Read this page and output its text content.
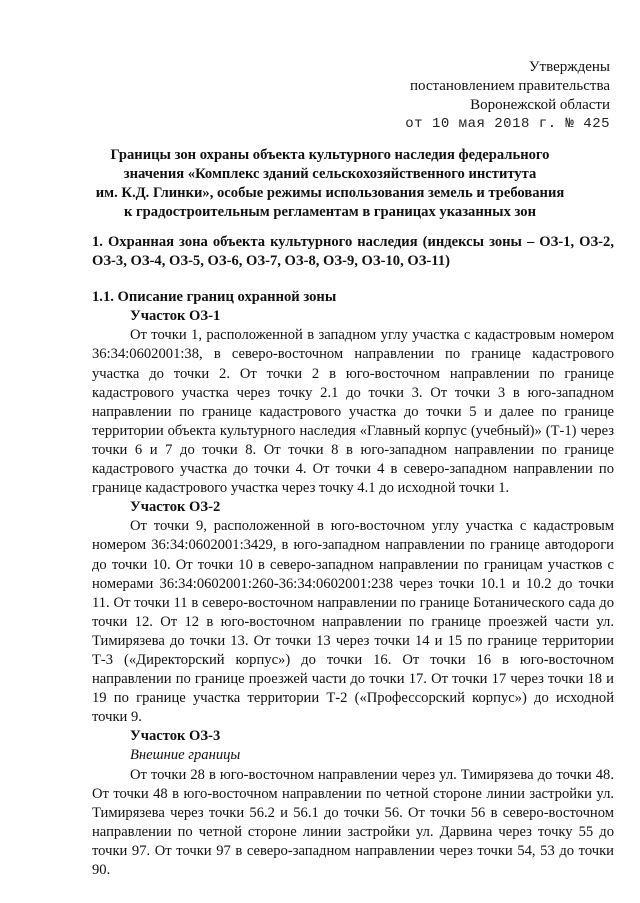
Утверждены
постановлением правительства
Воронежской области
от 10 мая 2018 г. № 425
Границы зон охраны объекта культурного наследия федерального
значения «Комплекс зданий сельскохозяйственного института
им. К.Д. Глинки», особые режимы использования земель и требования
к градостроительным регламентам в границах указанных зон

1. Охранная зона объекта культурного наследия (индексы зоны – ОЗ-1, ОЗ-2, ОЗ-3, ОЗ-4, ОЗ-5, ОЗ-6, ОЗ-7, ОЗ-8, ОЗ-9, ОЗ-10, ОЗ-11)

1.1. Описание границ охранной зоны

Участок ОЗ-1

От точки 1, расположенной в западном углу участка с кадастровым номером 36:34:0602001:38, в северо-восточном направлении по границе кадастрового участка до точки 2. От точки 2 в юго-восточном направлении по границе кадастрового участка через точку 2.1 до точки 3. От точки 3 в юго-западном направлении по границе кадастрового участка до точки 5 и далее по границе территории объекта культурного наследия «Главный корпус (учебный)» (Т-1) через точки 6 и 7 до точки 8. От точки 8 в юго-западном направлении по границе кадастрового участка до точки 4. От точки 4 в северо-западном направлении по границе кадастрового участка через точку 4.1 до исходной точки 1.

Участок ОЗ-2

От точки 9, расположенной в юго-восточном углу участка с кадастровым номером 36:34:0602001:3429, в юго-западном направлении по границе автодороги до точки 10. От точки 10 в северо-западном направлении по границам участков с номерами 36:34:0602001:260-36:34:0602001:238 через точки 10.1 и 10.2 до точки 11. От точки 11 в северо-восточном направлении по границе Ботанического сада до точки 12. От 12 в юго-восточном направлении по границе проезжей части ул. Тимирязева до точки 13. От точки 13 через точки 14 и 15 по границе территории Т-3 («Директорский корпус») до точки 16. От точки 16 в юго-восточном направлении по границе проезжей части до точки 17. От точки 17 через точки 18 и 19 по границе участка территории Т-2 («Профессорский корпус») до исходной точки 9.

Участок ОЗ-3

Внешние границы

От точки 28 в юго-восточном направлении через ул. Тимирязева до точки 48. От точки 48 в юго-восточном направлении по четной стороне линии застройки ул. Тимирязева через точки 56.2 и 56.1 до точки 56. От точки 56 в северо-восточном направлении по четной стороне линии застройки ул. Дарвина через точку 55 до точки 97. От точки 97 в северо-западном направлении через точки 54, 53 до точки 90.
